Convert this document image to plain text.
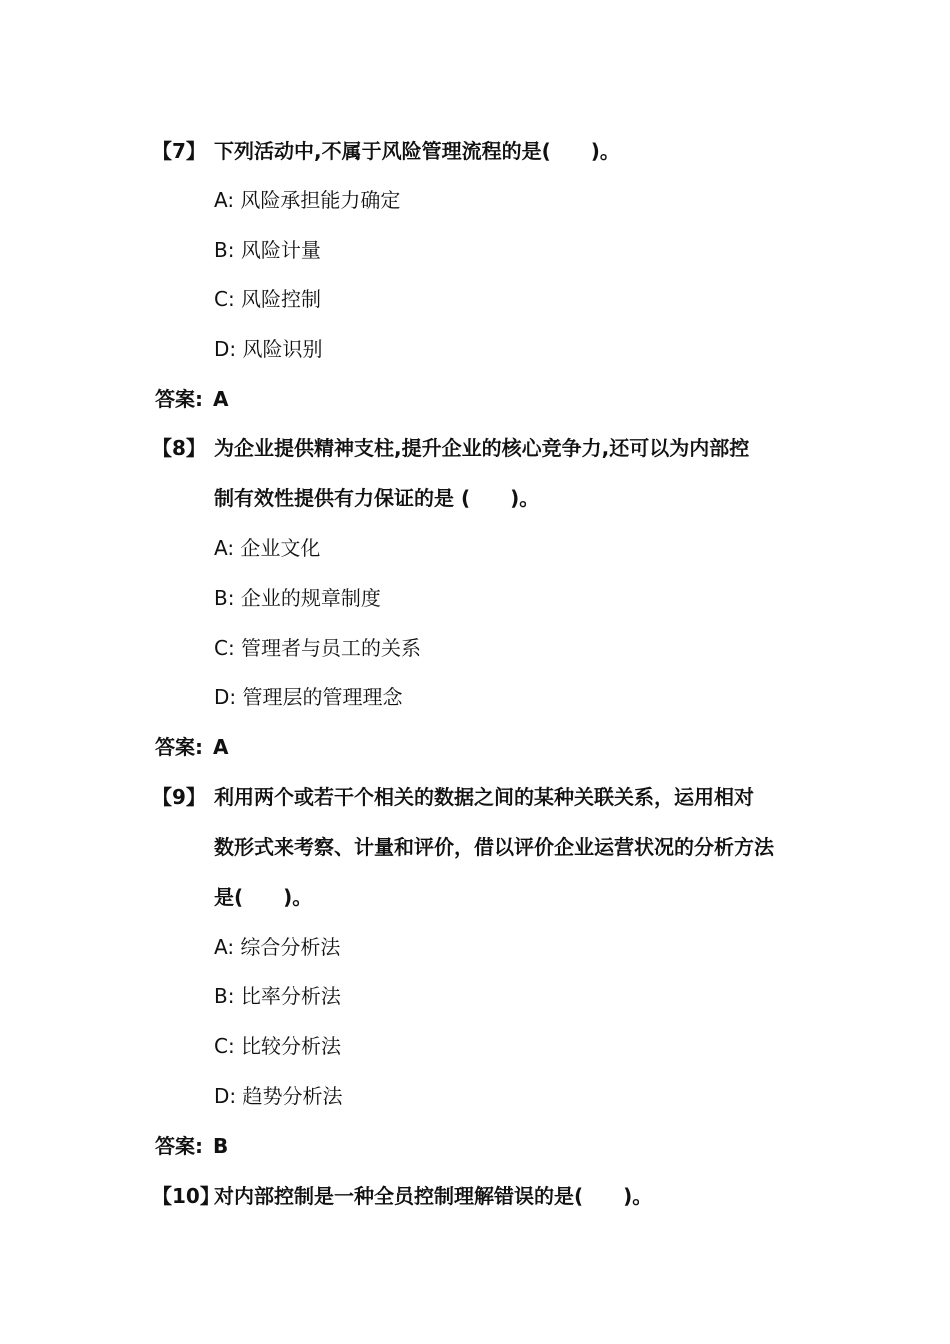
【7】 下列活动中,不属于风险管理流程的是(　　)。
A: 风险承担能力确定
B: 风险计量
C: 风险控制
D: 风险识别
答案: A
【8】 为企业提供精神支柱,提升企业的核心竞争力,还可以为内部控
制有效性提供有力保证的是 (　　)。
A: 企业文化
B: 企业的规章制度
C: 管理者与员工的关系
D: 管理层的管理理念
答案: A
【9】 利用两个或若干个相关的数据之间的某种关联关系，运用相对
数形式来考察、计量和评价，借以评价企业运营状况的分析方法
是(　　)。
A: 综合分析法
B: 比率分析法
C: 比较分析法
D: 趋势分析法
答案: B
【10】
对内部控制是一种全员控制理解错误的是(　　)。
